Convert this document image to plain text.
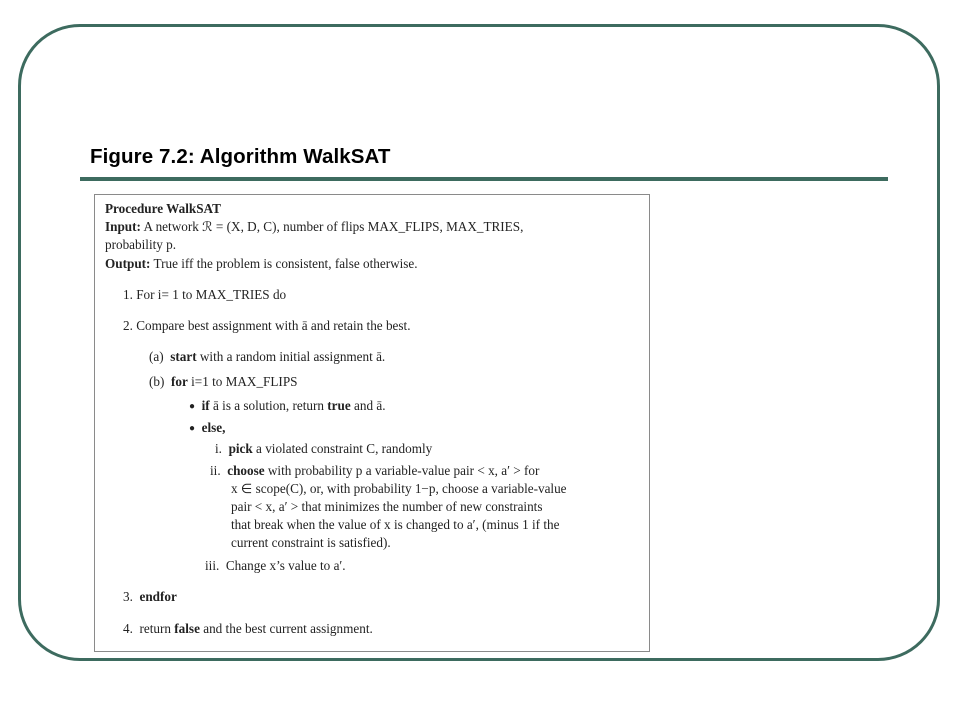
Figure 7.2: Algorithm WalkSAT
Procedure WalkSAT
Input: A network ℛ = (X, D, C), number of flips MAX_FLIPS, MAX_TRIES,
probability p.
Output: True iff the problem is consistent, false otherwise.
1. For i= 1 to MAX_TRIES do
2. Compare best assignment with ā and retain the best.
(a) start with a random initial assignment ā.
(b) for i=1 to MAX_FLIPS
● if ā is a solution, return true and ā.
● else,
i. pick a violated constraint C, randomly
ii. choose with probability p a variable-value pair < x, a′ > for
x ∈ scope(C), or, with probability 1−p, choose a variable-value
pair < x, a′ > that minimizes the number of new constraints
that break when the value of x is changed to a′, (minus 1 if the
current constraint is satisfied).
iii. Change x’s value to a′.
3. endfor
4. return false and the best current assignment.
